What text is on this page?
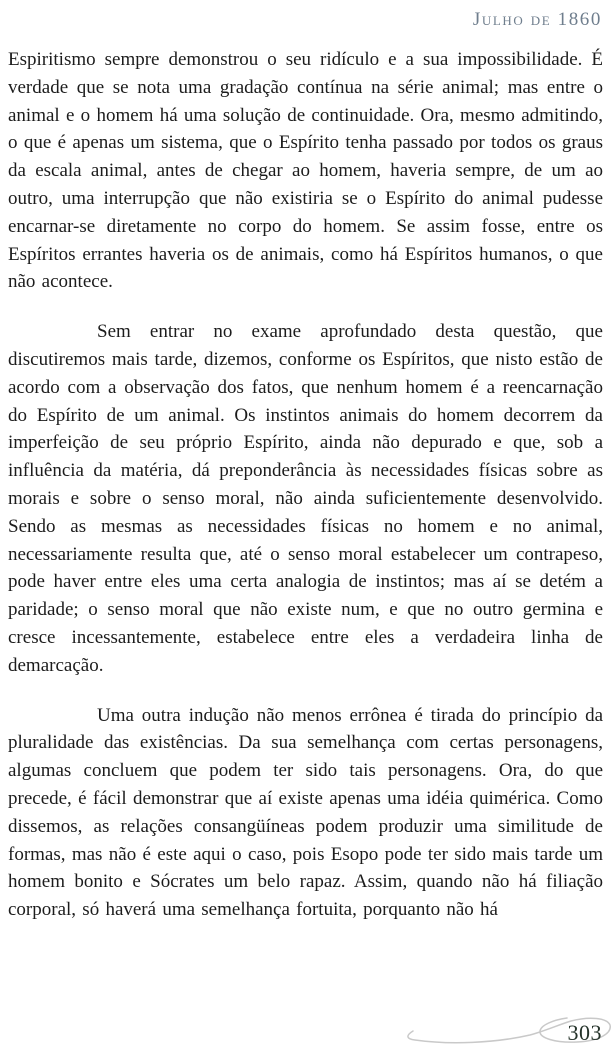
Julho de 1860

Espiritismo sempre demonstrou o seu ridículo e a sua impossibilidade. É verdade que se nota uma gradação contínua na série animal; mas entre o animal e o homem há uma solução de continuidade. Ora, mesmo admitindo, o que é apenas um sistema, que o Espírito tenha passado por todos os graus da escala animal, antes de chegar ao homem, haveria sempre, de um ao outro, uma interrupção que não existiria se o Espírito do animal pudesse encarnar-se diretamente no corpo do homem. Se assim fosse, entre os Espíritos errantes haveria os de animais, como há Espíritos humanos, o que não acontece.

Sem entrar no exame aprofundado desta questão, que discutiremos mais tarde, dizemos, conforme os Espíritos, que nisto estão de acordo com a observação dos fatos, que nenhum homem é a reencarnação do Espírito de um animal. Os instintos animais do homem decorrem da imperfeição de seu próprio Espírito, ainda não depurado e que, sob a influência da matéria, dá preponderância às necessidades físicas sobre as morais e sobre o senso moral, não ainda suficientemente desenvolvido. Sendo as mesmas as necessidades físicas no homem e no animal, necessariamente resulta que, até o senso moral estabelecer um contrapeso, pode haver entre eles uma certa analogia de instintos; mas aí se detém a paridade; o senso moral que não existe num, e que no outro germina e cresce incessantemente, estabelece entre eles a verdadeira linha de demarcação.

Uma outra indução não menos errônea é tirada do princípio da pluralidade das existências. Da sua semelhança com certas personagens, algumas concluem que podem ter sido tais personagens. Ora, do que precede, é fácil demonstrar que aí existe apenas uma idéia quimérica. Como dissemos, as relações consangüíneas podem produzir uma similitude de formas, mas não é este aqui o caso, pois Esopo pode ter sido mais tarde um homem bonito e Sócrates um belo rapaz. Assim, quando não há filiação corporal, só haverá uma semelhança fortuita, porquanto não há

303
